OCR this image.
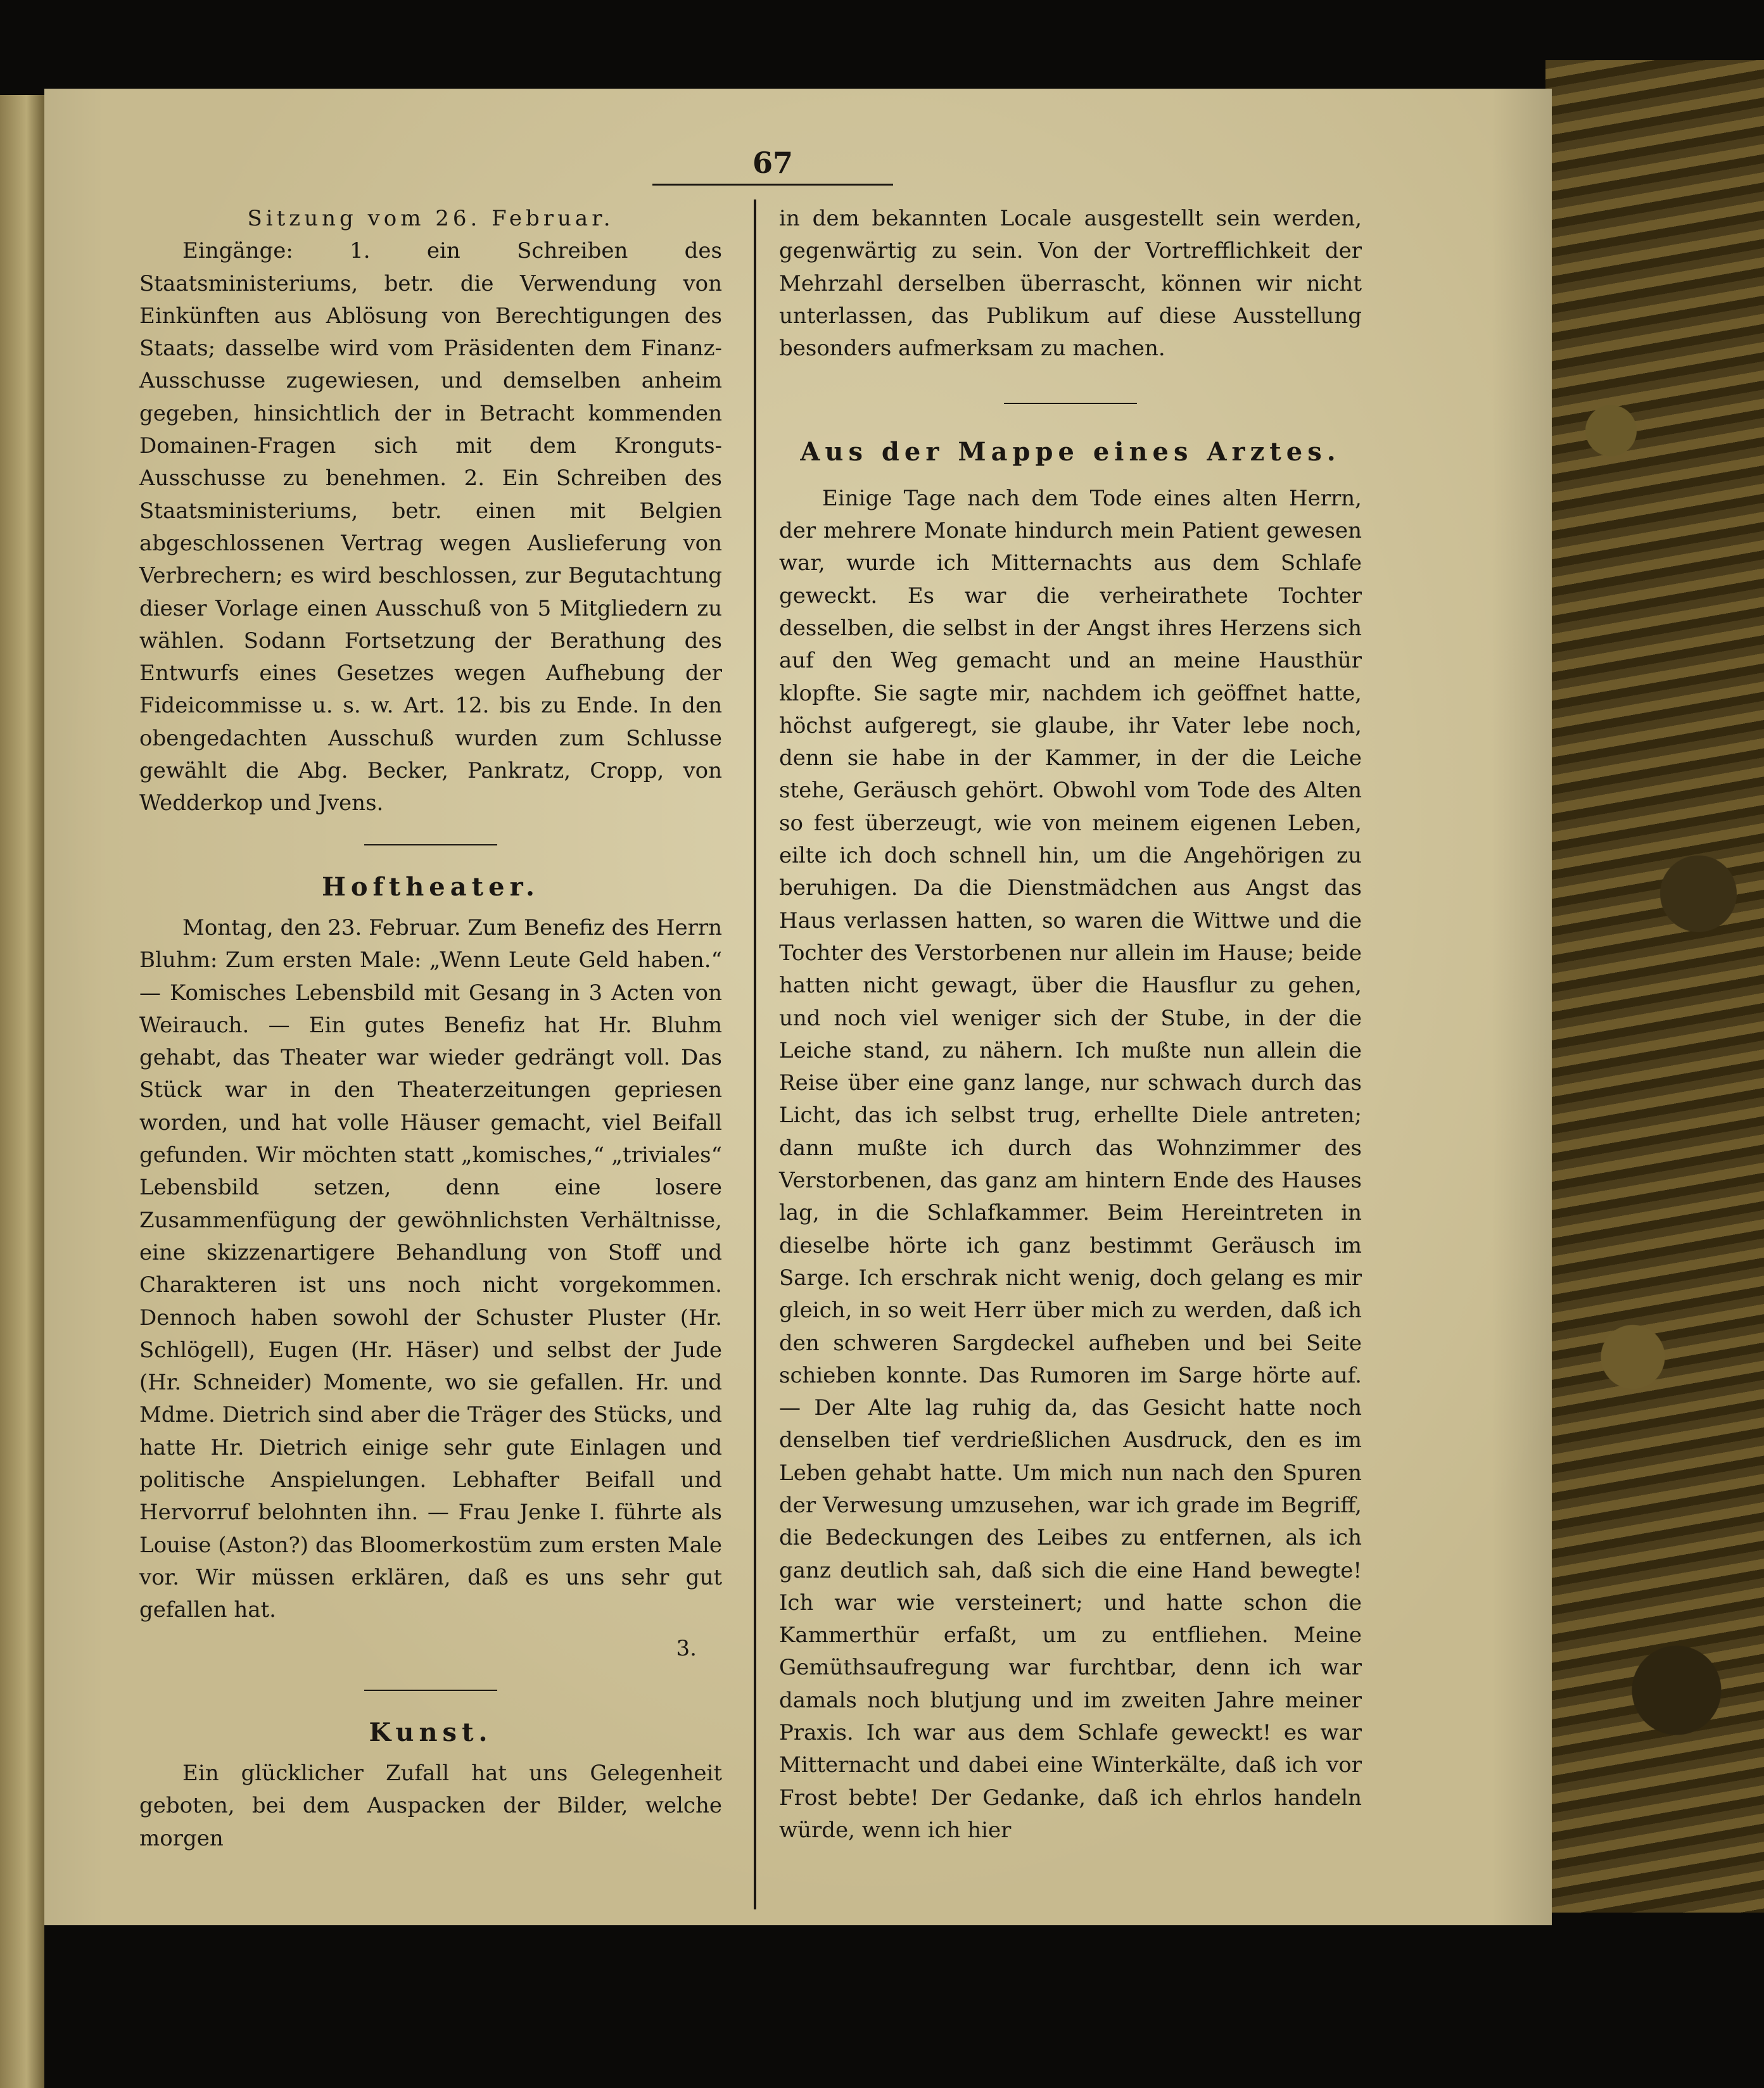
67

Sitzung vom 26. Februar.

Eingänge: 1. ein Schreiben des Staatsministeriums, betr. die Verwendung von Einkünften aus Ablösung von Berechtigungen des Staats; dasselbe wird vom Präsidenten dem Finanz-Ausschusse zugewiesen, und demselben anheim gegeben, hinsichtlich der in Betracht kommenden Domainen-Fragen sich mit dem Kronguts-Ausschusse zu benehmen. 2. Ein Schreiben des Staatsministeriums, betr. einen mit Belgien abgeschlossenen Vertrag wegen Auslieferung von Verbrechern; es wird beschlossen, zur Begutachtung dieser Vorlage einen Ausschuß von 5 Mitgliedern zu wählen. Sodann Fortsetzung der Berathung des Entwurfs eines Gesetzes wegen Aufhebung der Fideicommisse u. s. w. Art. 12. bis zu Ende. In den obengedachten Ausschuß wurden zum Schlusse gewählt die Abg. Becker, Pankratz, Cropp, von Wedderkop und Jvens.

Hoftheater.

Montag, den 23. Februar. Zum Benefiz des Herrn Bluhm: Zum ersten Male: „Wenn Leute Geld haben.“ — Komisches Lebensbild mit Gesang in 3 Acten von Weirauch. — Ein gutes Benefiz hat Hr. Bluhm gehabt, das Theater war wieder gedrängt voll. Das Stück war in den Theaterzeitungen gepriesen worden, und hat volle Häuser gemacht, viel Beifall gefunden. Wir möchten statt „komisches,“ „triviales“ Lebensbild setzen, denn eine losere Zusammenfügung der gewöhnlichsten Verhältnisse, eine skizzenartigere Behandlung von Stoff und Charakteren ist uns noch nicht vorgekommen. Dennoch haben sowohl der Schuster Pluster (Hr. Schlögell), Eugen (Hr. Häser) und selbst der Jude (Hr. Schneider) Momente, wo sie gefallen. Hr. und Mdme. Dietrich sind aber die Träger des Stücks, und hatte Hr. Dietrich einige sehr gute Einlagen und politische Anspielungen. Lebhafter Beifall und Hervorruf belohnten ihn. — Frau Jenke I. führte als Louise (Aston?) das Bloomerkostüm zum ersten Male vor. Wir müssen erklären, daß es uns sehr gut gefallen hat.

3.

Kunst.

Ein glücklicher Zufall hat uns Gelegenheit geboten, bei dem Auspacken der Bilder, welche morgen

in dem bekannten Locale ausgestellt sein werden, gegenwärtig zu sein. Von der Vortrefflichkeit der Mehrzahl derselben überrascht, können wir nicht unterlassen, das Publikum auf diese Ausstellung besonders aufmerksam zu machen.

Aus der Mappe eines Arztes.

Einige Tage nach dem Tode eines alten Herrn, der mehrere Monate hindurch mein Patient gewesen war, wurde ich Mitternachts aus dem Schlafe geweckt. Es war die verheirathete Tochter desselben, die selbst in der Angst ihres Herzens sich auf den Weg gemacht und an meine Hausthür klopfte. Sie sagte mir, nachdem ich geöffnet hatte, höchst aufgeregt, sie glaube, ihr Vater lebe noch, denn sie habe in der Kammer, in der die Leiche stehe, Geräusch gehört. Obwohl vom Tode des Alten so fest überzeugt, wie von meinem eigenen Leben, eilte ich doch schnell hin, um die Angehörigen zu beruhigen. Da die Dienstmädchen aus Angst das Haus verlassen hatten, so waren die Wittwe und die Tochter des Verstorbenen nur allein im Hause; beide hatten nicht gewagt, über die Hausflur zu gehen, und noch viel weniger sich der Stube, in der die Leiche stand, zu nähern. Ich mußte nun allein die Reise über eine ganz lange, nur schwach durch das Licht, das ich selbst trug, erhellte Diele antreten; dann mußte ich durch das Wohnzimmer des Verstorbenen, das ganz am hintern Ende des Hauses lag, in die Schlafkammer. Beim Hereintreten in dieselbe hörte ich ganz bestimmt Geräusch im Sarge. Ich erschrak nicht wenig, doch gelang es mir gleich, in so weit Herr über mich zu werden, daß ich den schweren Sargdeckel aufheben und bei Seite schieben konnte. Das Rumoren im Sarge hörte auf. — Der Alte lag ruhig da, das Gesicht hatte noch denselben tief verdrießlichen Ausdruck, den es im Leben gehabt hatte. Um mich nun nach den Spuren der Verwesung umzusehen, war ich grade im Begriff, die Bedeckungen des Leibes zu entfernen, als ich ganz deutlich sah, daß sich die eine Hand bewegte! Ich war wie versteinert; und hatte schon die Kammerthür erfaßt, um zu entfliehen. Meine Gemüthsaufregung war furchtbar, denn ich war damals noch blutjung und im zweiten Jahre meiner Praxis. Ich war aus dem Schlafe geweckt! es war Mitternacht und dabei eine Winterkälte, daß ich vor Frost bebte! Der Gedanke, daß ich ehrlos handeln würde, wenn ich hier
